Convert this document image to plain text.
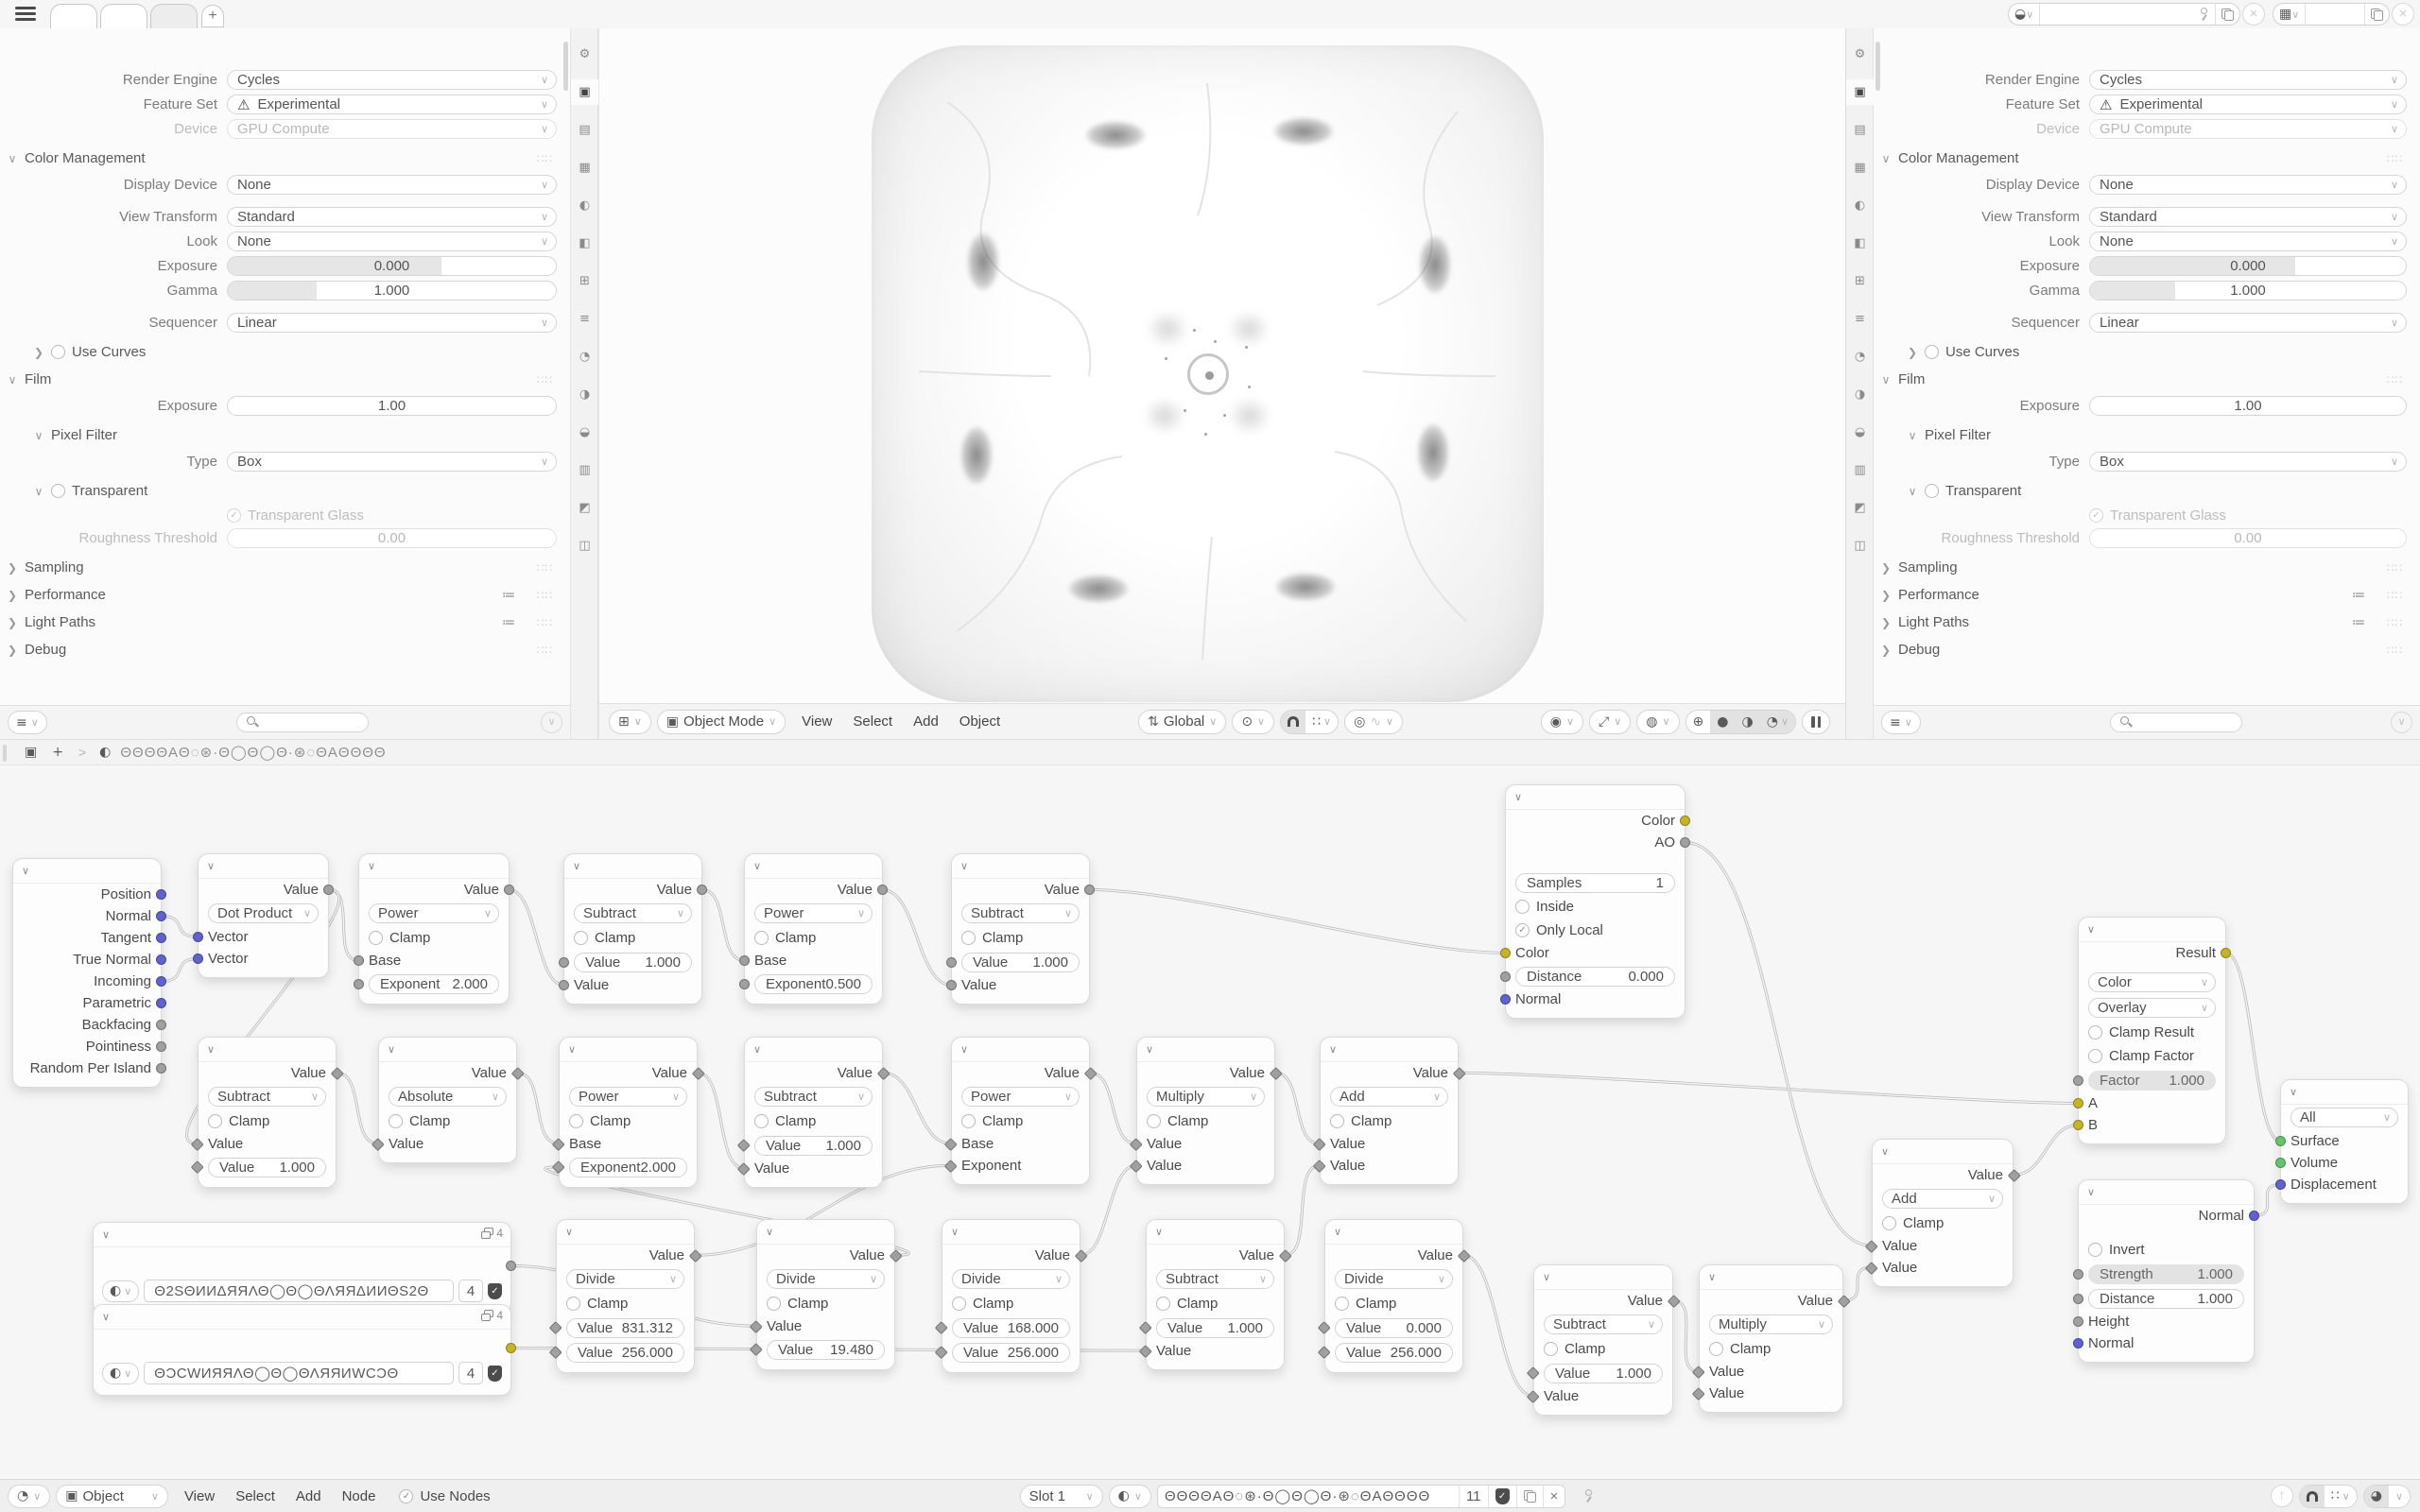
+	◒ ∨	×	▦ ∨	×
Render Engine	Cycles	∨
Feature Set	⚠ Experimental	∨
Device	GPU Compute	∨
∨ Color Management	∷∷
Display Device	None	∨
View Transform	Standard	∨
Look	None	∨
Exposure	0.000
Gamma	1.000
Sequencer	Linear	∨
❯	Use Curves
∨ Film	∷∷
Exposure	1.00
∨ Pixel Filter
Type	Box	∨
∨	Transparent
✓ Transparent Glass
Roughness Threshold	0.00
❯ Sampling	∷∷
❯ Performance	≔ ∷∷
❯ Light Paths	≔ ∷∷
❯ Debug	∷∷
≡ ∨	∨
⚙
▣
▤
▦
◐
◧
⊞
≡
◔
◑
◒
▥
◩
◫
Render Engine	Cycles	∨
Feature Set	⚠ Experimental	∨
Device	GPU Compute	∨
∨ Color Management	∷∷
Display Device	None	∨
View Transform	Standard	∨
Look	None	∨
Exposure	0.000
Gamma	1.000
Sequencer	Linear	∨
❯	Use Curves
∨ Film	∷∷
Exposure	1.00
∨ Pixel Filter
Type	Box	∨
∨	Transparent
✓ Transparent Glass
Roughness Threshold	0.00
❯ Sampling	∷∷
❯ Performance	≔ ∷∷
❯ Light Paths	≔ ∷∷
❯ Debug	∷∷
≡ ∨	∨
⚙
▣
▤
▦
◐
◧
⊞
≡
◔
◑
◒
▥
◩
◫
⊞ ∨ ▣ Object Mode ∨	View	Select	Add	Object	⇅ Global ∨ ⊙ ∨	∷ ∨ ◎ ∿ ∨	◉ ∨ ⤢ ∨ ◍ ∨ ⊕ ● ◑ ◔ ∨
▣ + > ◐ ΘΘΘΘAΘ◌⊛·Θ◯Θ◯Θ·⊛◌ΘAΘΘΘΘ
∨
Position
Normal
Tangent
True Normal
Incoming
Parametric
Backfacing
Pointiness
Random Per Island
∨
Value
Dot Product ∨
Vector
Vector
∨
Value
Power	∨
Clamp
Base
Exponent 2.000
∨
Value
Subtract	∨
Clamp
Value 1.000
Value
∨
Value
Power	∨
Clamp
Base
Exponent 0.500
∨
Value
Subtract	∨
Clamp
Value 1.000
Value
∨
Value
Subtract	∨
Clamp
Value
Value 1.000
∨
Value
Absolute	∨
Clamp
Value
∨
Value
Power	∨
Clamp
Base
Exponent 2.000
∨
Value
Subtract	∨
Clamp
Value 1.000
Value
∨
Value
Power	∨
Clamp
Base
Exponent
∨
Value
Multiply	∨
Clamp
Value
Value
∨
Value
Add	∨
Clamp
Value
Value
∨
Color
AO
Samples	1
Inside
✓ Only Local
Color
Distance	0.000
Normal
∨
Value
Add	∨
Clamp
Value
Value
∨
Result
Color	∨
Overlay	∨
Clamp Result
Clamp Factor
Factor 1.000
A
B
∨
All	∨
Surface
Volume
Displacement
∨
Normal
Invert
Strength	1.000
Distance	1.000
Height
Normal
∨	4
◐ ∨	Θ2SΘИИΔЯЯΛΘ◯Θ◯ΘΛЯЯΔИИΘS2Θ	4	✓
∨	4
◐ ∨	ΘƆCWИЯЯΛΘ◯Θ◯ΘΛЯЯИWCƆΘ	4	✓
∨
Value
Divide	∨
Clamp
Value 831.312
Value 256.000
∨
Value
Divide	∨
Clamp
Value
Value 19.480
∨
Value
Divide	∨
Clamp
Value 168.000
Value 256.000
∨
Value
Subtract	∨
Clamp
Value 1.000
Value
∨
Value
Divide	∨
Clamp
Value 0.000
Value 256.000
∨
Value
Subtract	∨
Clamp
Value 1.000
Value
∨
Value
Multiply	∨
Clamp
Value
Value
◔ ∨ ▣ Object	∨	View	Select	Add	Node	✓ Use Nodes	Slot 1 ∨ ◐ ∨	ΘΘΘΘAΘ◌⊛·Θ◯Θ◯Θ·⊛◌ΘAΘΘΘΘ	11	✓	×	↑	∷ ∨ ◕ ∨
